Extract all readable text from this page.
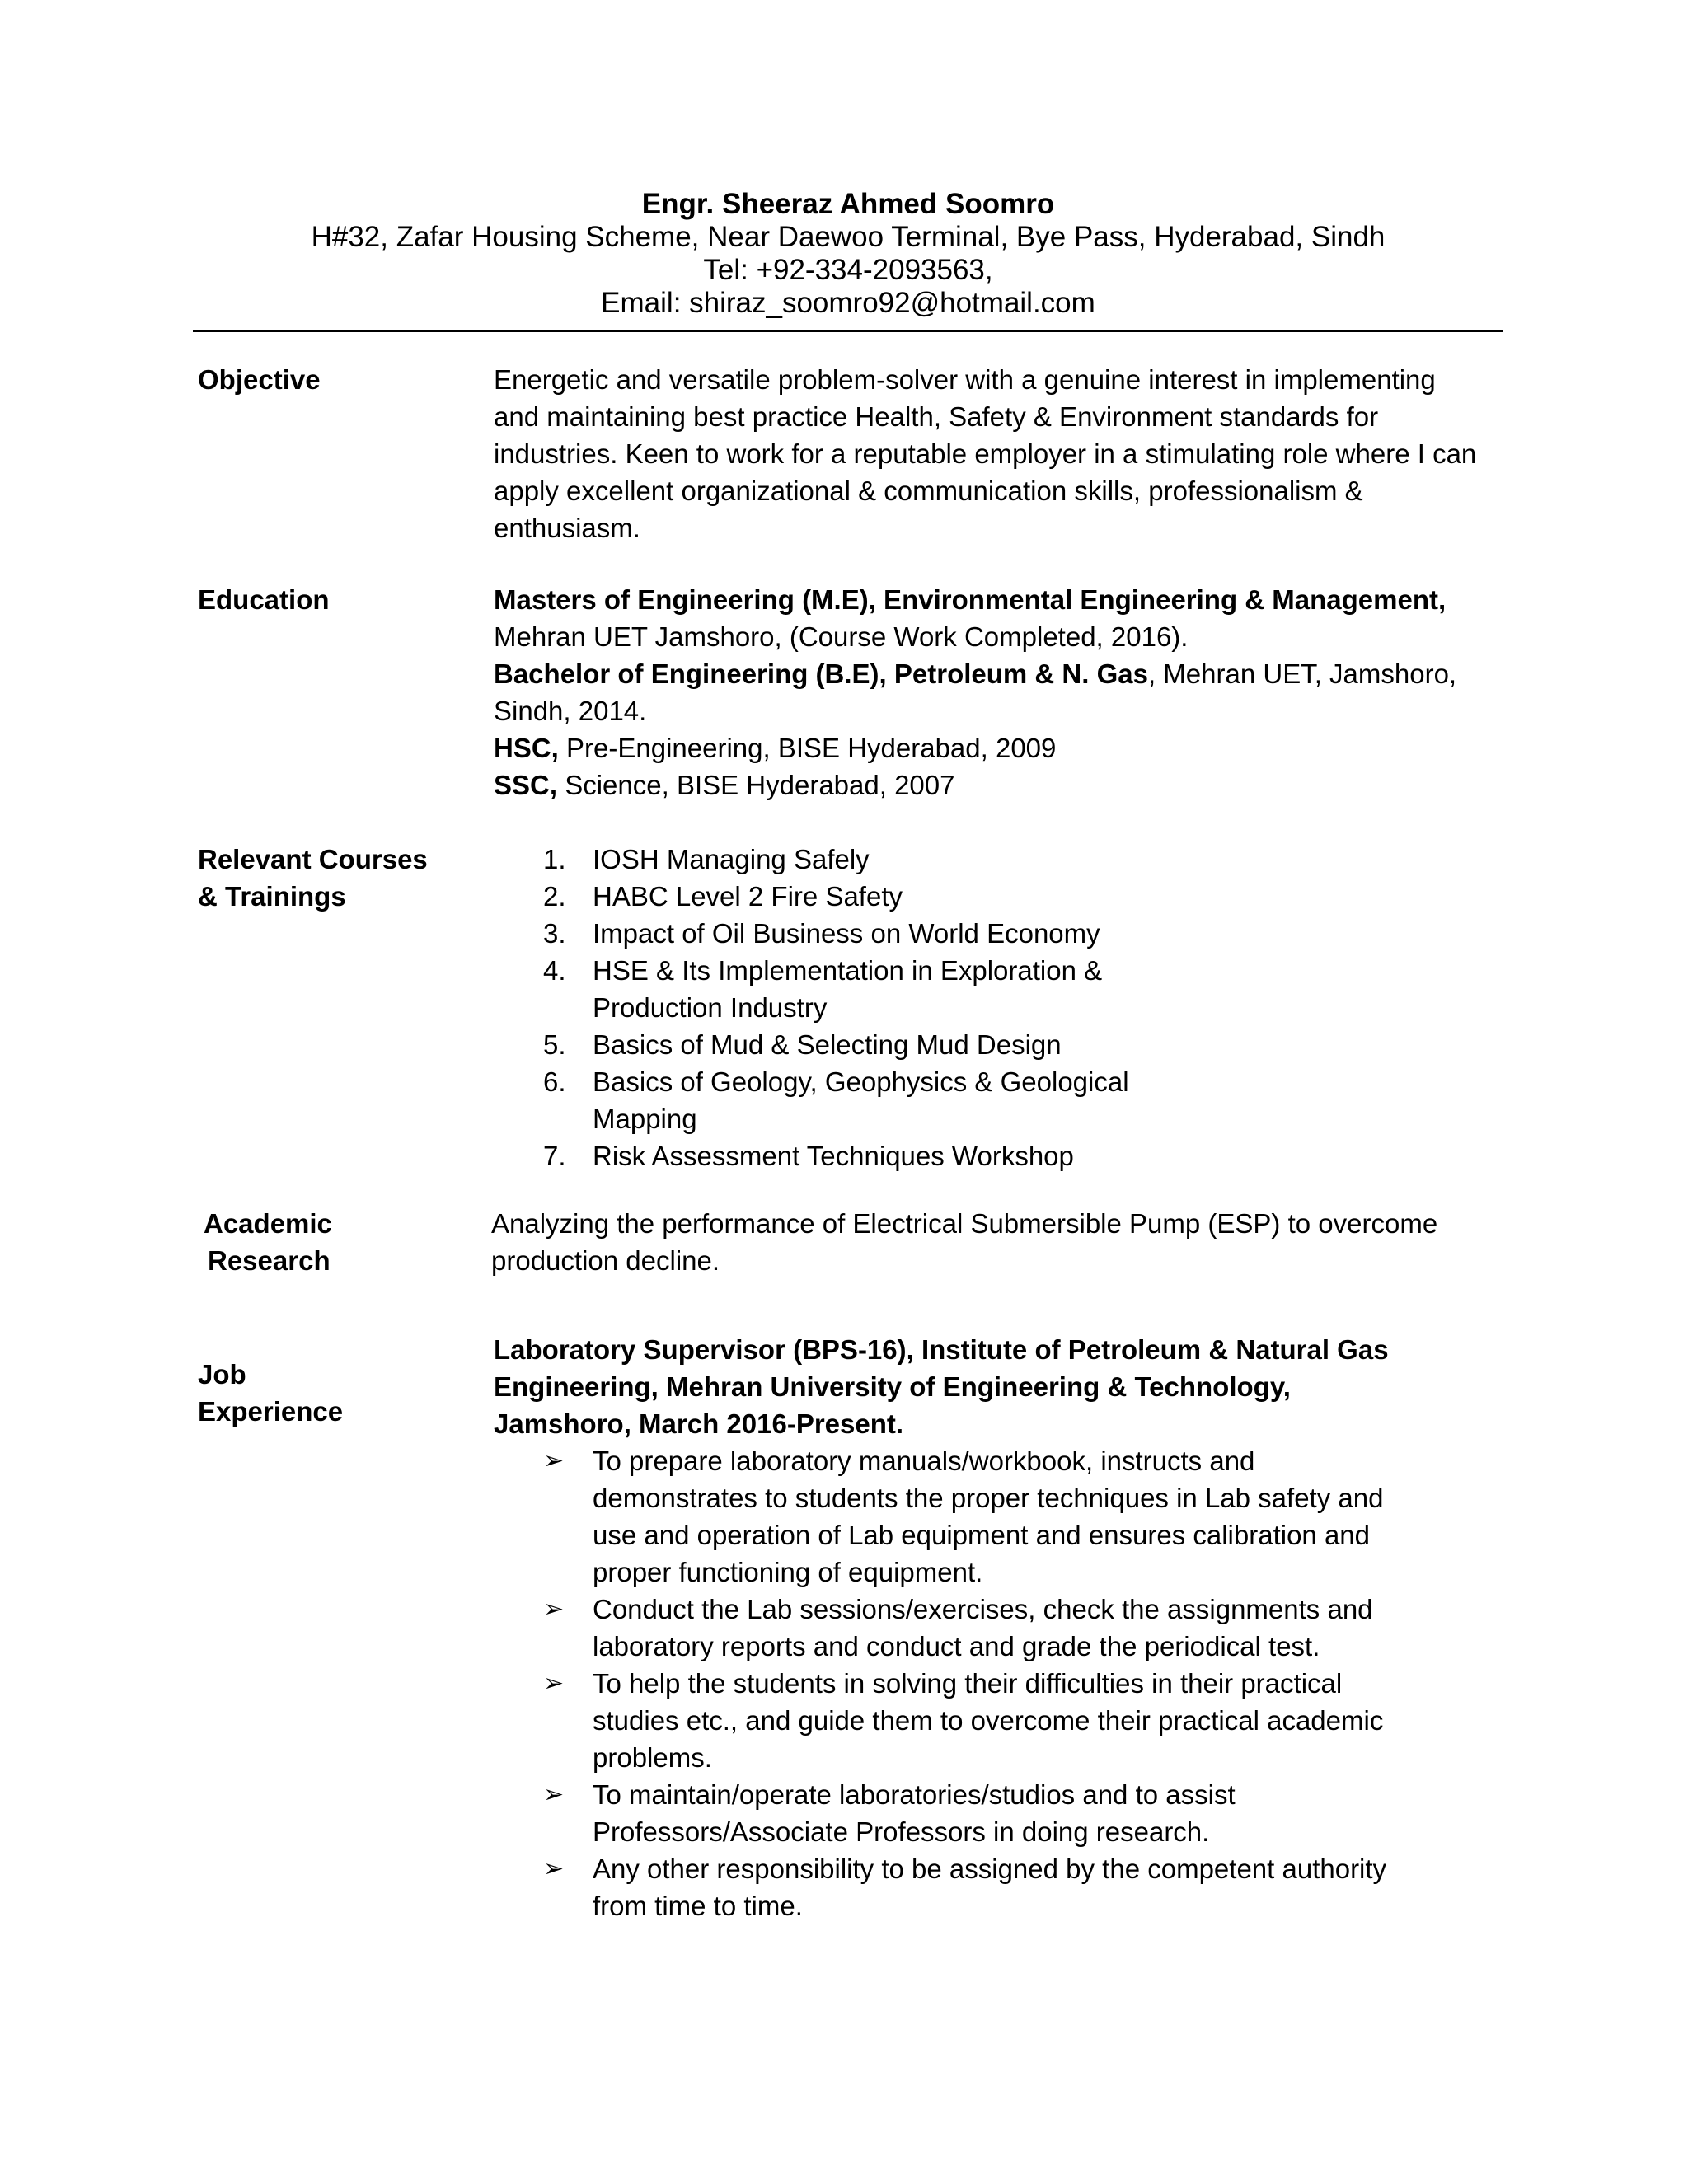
Engr. Sheeraz Ahmed Soomro
H#32, Zafar Housing Scheme, Near Daewoo Terminal, Bye Pass, Hyderabad, Sindh
Tel: +92-334-2093563,
Email: shiraz_soomro92@hotmail.com
Objective	Energetic and versatile problem-solver with a genuine interest in implementing and maintaining best practice Health, Safety & Environment standards for industries. Keen to work for a reputable employer in a stimulating role where I can apply excellent organizational & communication skills, professionalism & enthusiasm.
Education	Masters of Engineering (M.E), Environmental Engineering & Management, Mehran UET Jamshoro, (Course Work Completed, 2016).

Bachelor of Engineering (B.E), Petroleum & N. Gas, Mehran UET, Jamshoro, Sindh, 2014.

HSC, Pre-Engineering, BISE Hyderabad, 2009

SSC, Science, BISE Hyderabad, 2007

Relevant Courses
& Trainings
1. IOSH Managing Safely
2. HABC Level 2 Fire Safety
3. Impact of Oil Business on World Economy
4. HSE & Its Implementation in Exploration & Production Industry
5. Basics of Mud & Selecting Mud Design
6. Basics of Geology, Geophysics & Geological Mapping
7. Risk Assessment Techniques Workshop
Academic
Research
Analyzing the performance of Electrical Submersible Pump (ESP) to overcome production decline.
Job
Experience

Laboratory Supervisor (BPS-16), Institute of Petroleum & Natural Gas Engineering, Mehran University of Engineering & Technology, Jamshoro, March 2016-Present.

➢ To prepare laboratory manuals/workbook, instructs and demonstrates to students the proper techniques in Lab safety and use and operation of Lab equipment and ensures calibration and proper functioning of equipment.
➢ Conduct the Lab sessions/exercises, check the assignments and laboratory reports and conduct and grade the periodical test.
➢ To help the students in solving their difficulties in their practical studies etc., and guide them to overcome their practical academic problems.
➢ To maintain/operate laboratories/studios and to assist Professors/Associate Professors in doing research.
➢ Any other responsibility to be assigned by the competent authority from time to time.
